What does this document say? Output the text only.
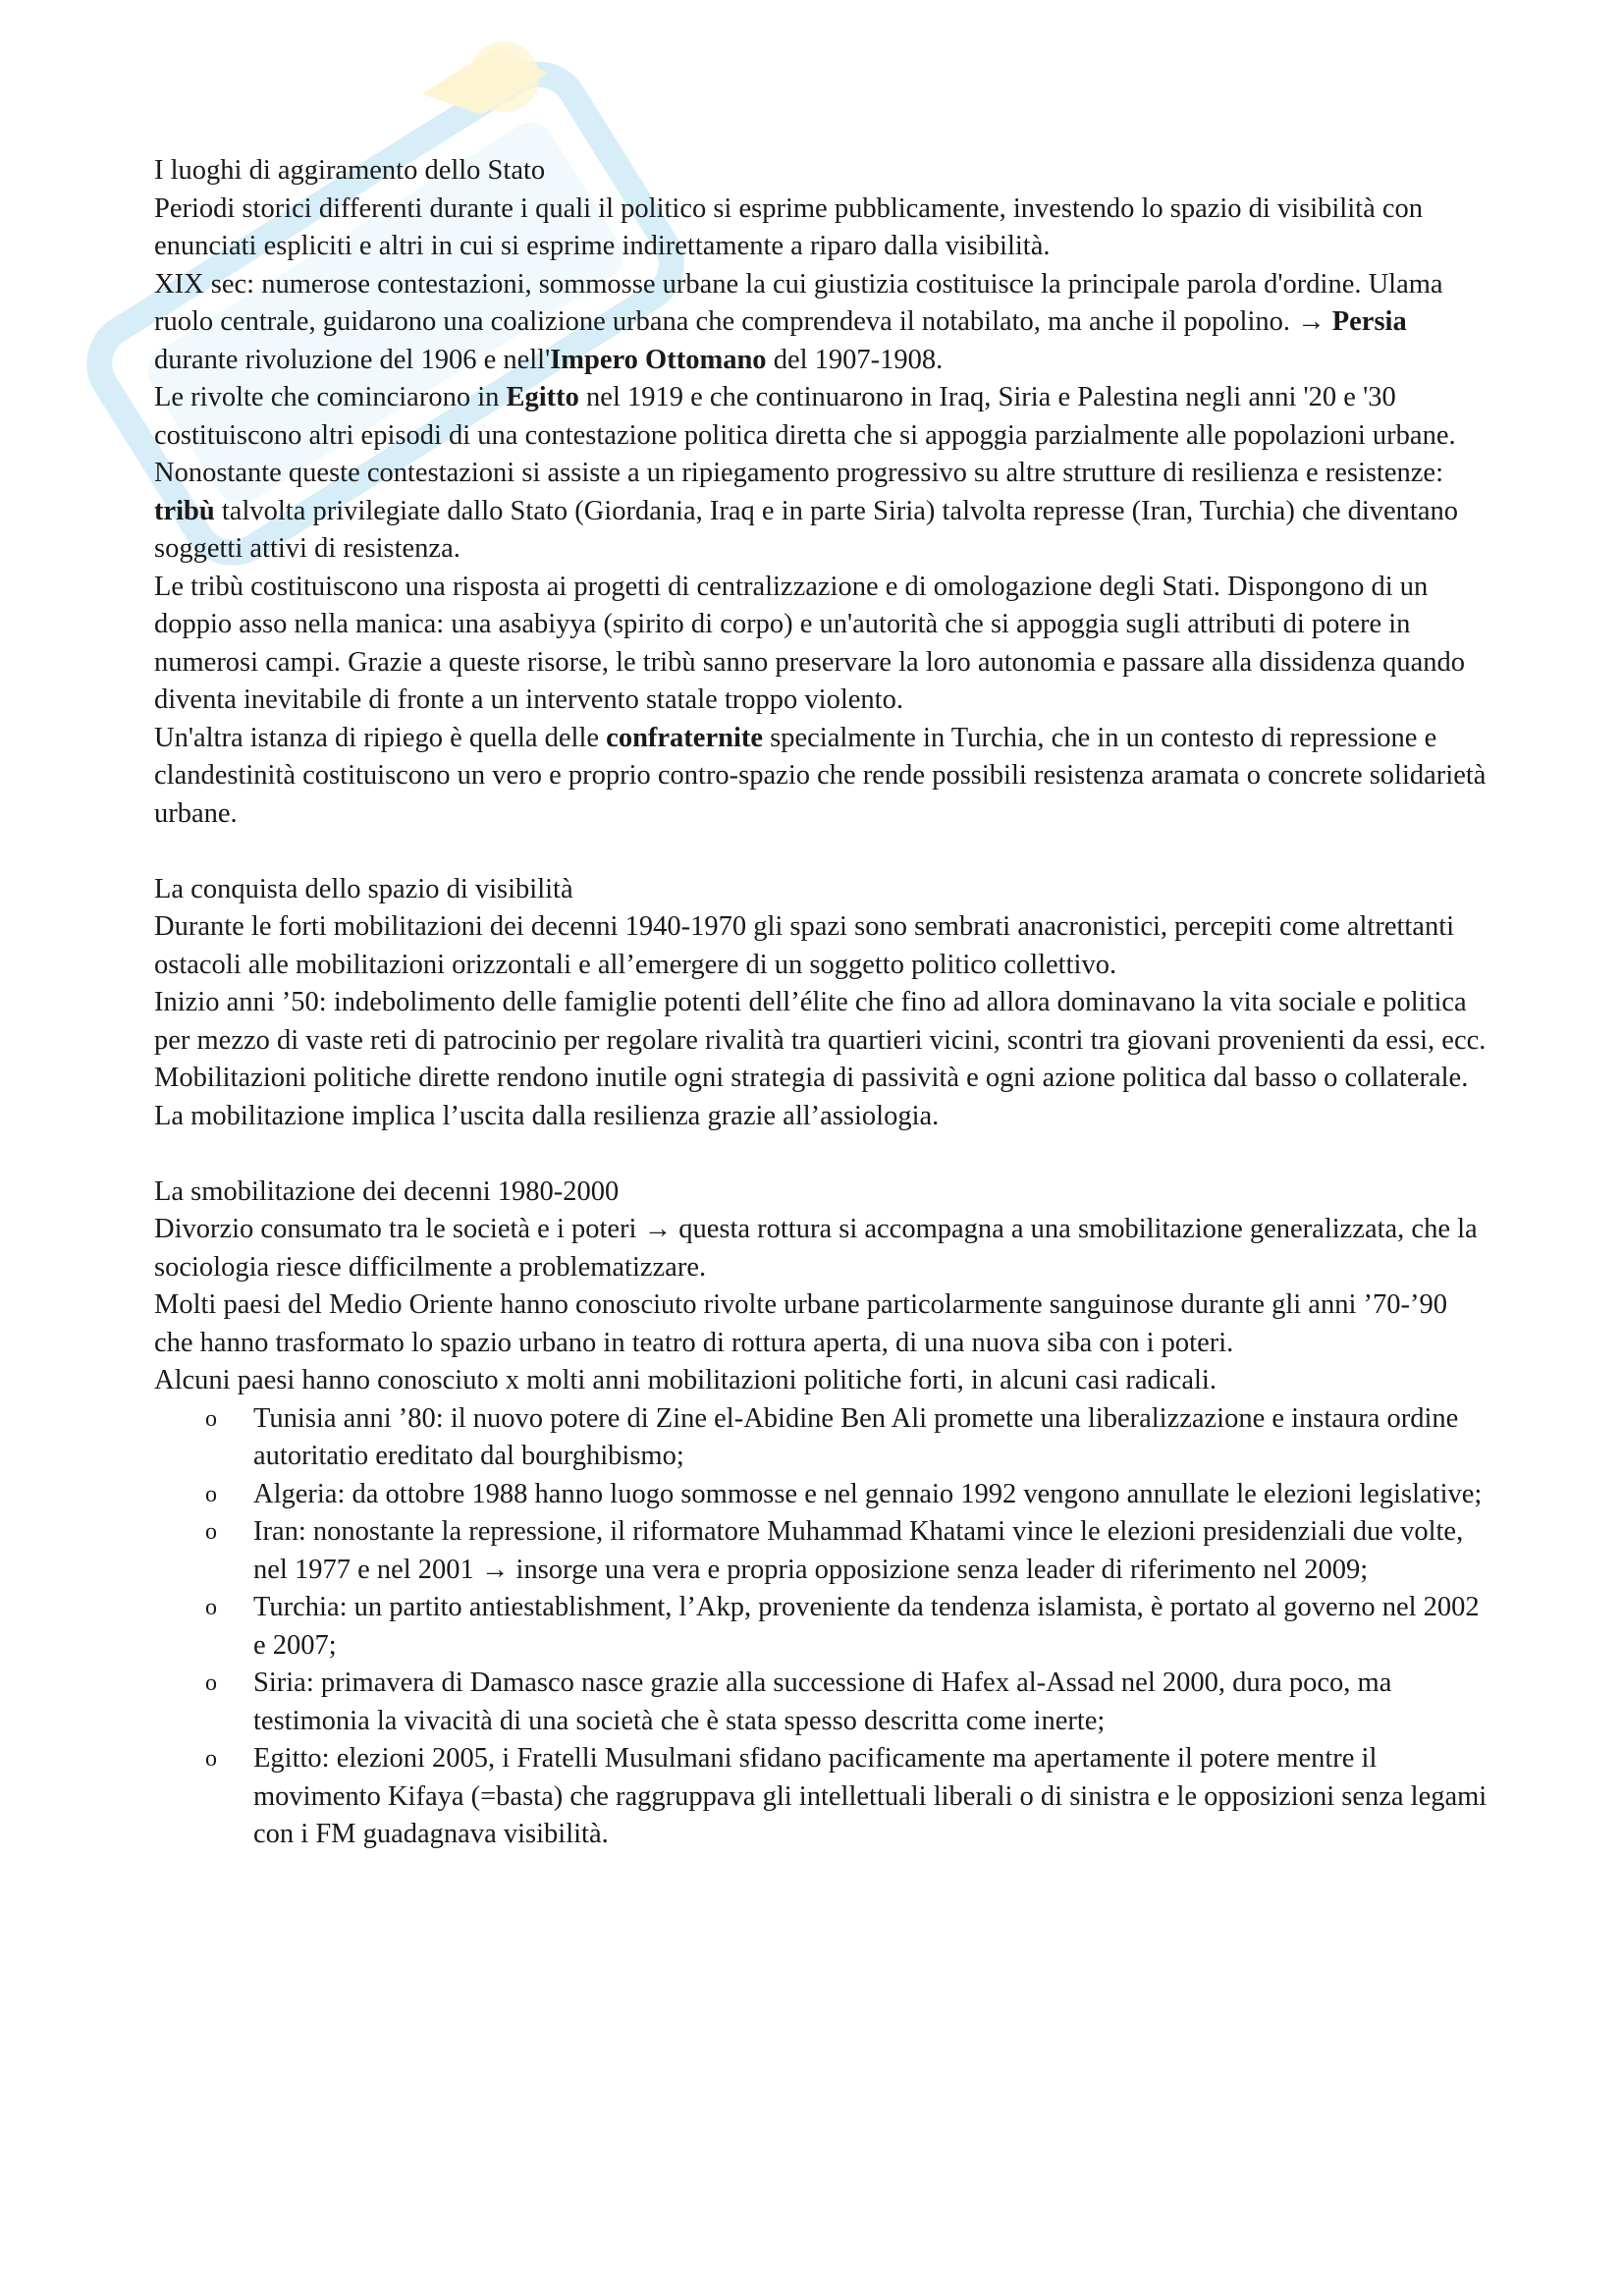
I luoghi di aggiramento dello Stato

Periodi storici differenti durante i quali il politico si esprime pubblicamente, investendo lo spazio di visibilità con enunciati espliciti e altri in cui si esprime indirettamente a riparo dalla visibilità.

XIX sec: numerose contestazioni, sommosse urbane la cui giustizia costituisce la principale parola d'ordine. Ulama ruolo centrale, guidarono una coalizione urbana che comprendeva il notabilato, ma anche il popolino. → Persia durante rivoluzione del 1906 e nell'Impero Ottomano del 1907-1908.

Le rivolte che cominciarono in Egitto nel 1919 e che continuarono in Iraq, Siria e Palestina negli anni '20 e '30 costituiscono altri episodi di una contestazione politica diretta che si appoggia parzialmente alle popolazioni urbane.

Nonostante queste contestazioni si assiste a un ripiegamento progressivo su altre strutture di resilienza e resistenze: tribù talvolta privilegiate dallo Stato (Giordania, Iraq e in parte Siria) talvolta represse (Iran, Turchia) che diventano soggetti attivi di resistenza.

Le tribù costituiscono una risposta ai progetti di centralizzazione e di omologazione degli Stati. Dispongono di un doppio asso nella manica: una asabiyya (spirito di corpo) e un'autorità che si appoggia sugli attributi di potere in numerosi campi. Grazie a queste risorse, le tribù sanno preservare la loro autonomia e passare alla dissidenza quando diventa inevitabile di fronte a un intervento statale troppo violento.

Un'altra istanza di ripiego è quella delle confraternite specialmente in Turchia, che in un contesto di repressione e clandestinità costituiscono un vero e proprio contro-spazio che rende possibili resistenza aramata o concrete solidarietà urbane.

La conquista dello spazio di visibilità

Durante le forti mobilitazioni dei decenni 1940-1970 gli spazi sono sembrati anacronistici, percepiti come altrettanti ostacoli alle mobilitazioni orizzontali e all’emergere di un soggetto politico collettivo.

Inizio anni ’50: indebolimento delle famiglie potenti dell’élite che fino ad allora dominavano la vita sociale e politica per mezzo di vaste reti di patrocinio per regolare rivalità tra quartieri vicini, scontri tra giovani provenienti da essi, ecc.

Mobilitazioni politiche dirette rendono inutile ogni strategia di passività e ogni azione politica dal basso o collaterale. La mobilitazione implica l’uscita dalla resilienza grazie all’assiologia.

La smobilitazione dei decenni 1980-2000

Divorzio consumato tra le società e i poteri → questa rottura si accompagna a una smobilitazione generalizzata, che la sociologia riesce difficilmente a problematizzare.

Molti paesi del Medio Oriente hanno conosciuto rivolte urbane particolarmente sanguinose durante gli anni ’70-’90 che hanno trasformato lo spazio urbano in teatro di rottura aperta, di una nuova siba con i poteri.

Alcuni paesi hanno conosciuto x molti anni mobilitazioni politiche forti, in alcuni casi radicali.

o Tunisia anni ’80: il nuovo potere di Zine el-Abidine Ben Ali promette una liberalizzazione e instaura ordine autoritatio ereditato dal bourghibismo;
o Algeria: da ottobre 1988 hanno luogo sommosse e nel gennaio 1992 vengono annullate le elezioni legislative;
o Iran: nonostante la repressione, il riformatore Muhammad Khatami vince le elezioni presidenziali due volte, nel 1977 e nel 2001 → insorge una vera e propria opposizione senza leader di riferimento nel 2009;
o Turchia: un partito antiestablishment, l’Akp, proveniente da tendenza islamista, è portato al governo nel 2002 e 2007;
o Siria: primavera di Damasco nasce grazie alla successione di Hafex al-Assad nel 2000, dura poco, ma testimonia la vivacità di una società che è stata spesso descritta come inerte;
o Egitto: elezioni 2005, i Fratelli Musulmani sfidano pacificamente ma apertamente il potere mentre il movimento Kifaya (=basta) che raggruppava gli intellettuali liberali o di sinistra e le opposizioni senza legami con i FM guadagnava visibilità.
